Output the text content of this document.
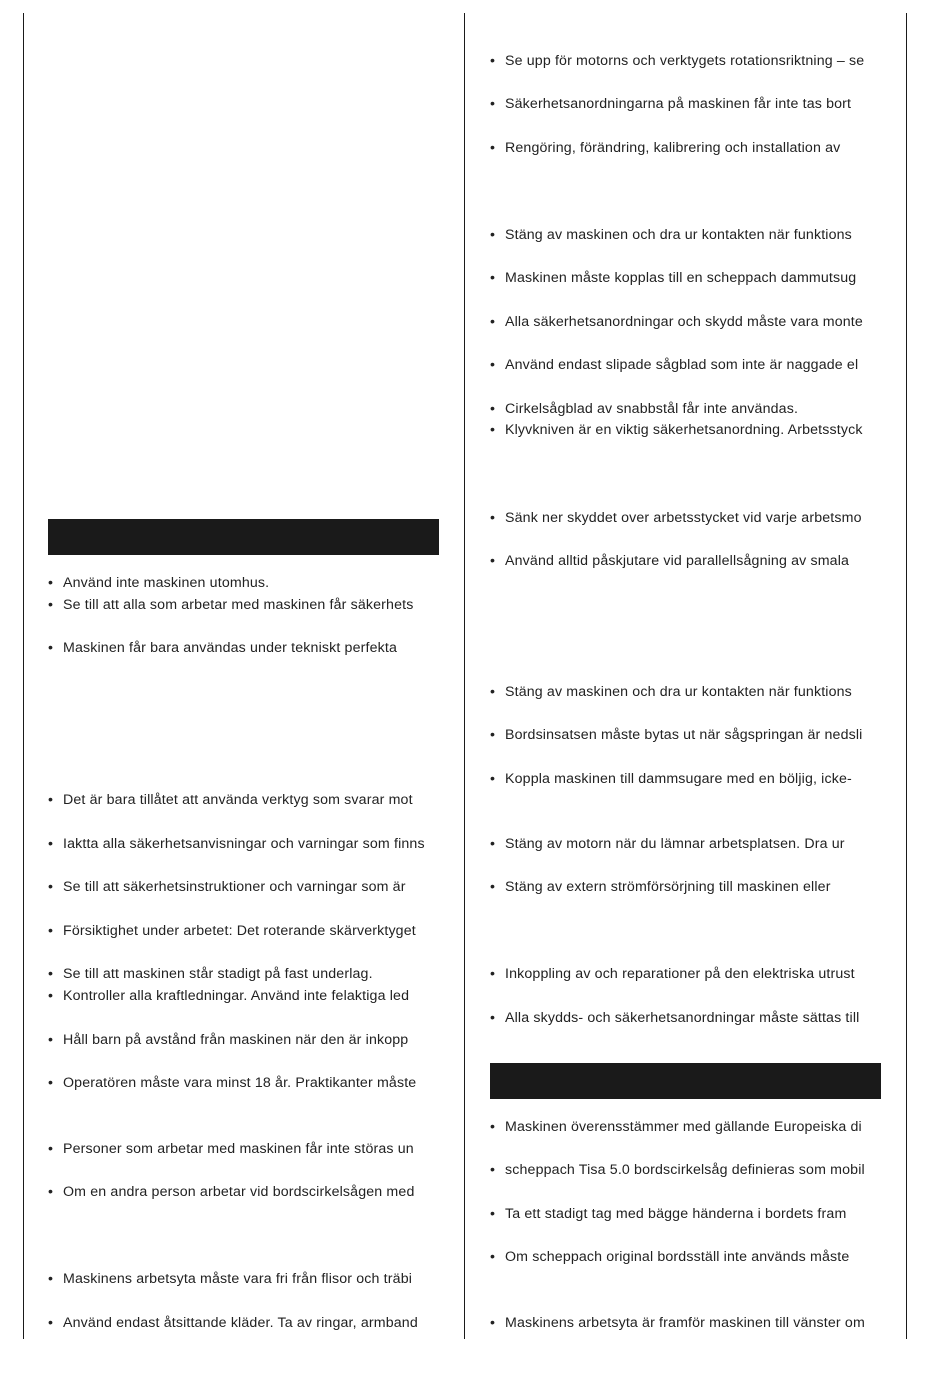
• Använd inte maskinen utomhus.
• Se till att alla som arbetar med maskinen får säkerhets
• Maskinen får bara användas under tekniskt perfekta
• Det är bara tillåtet att använda verktyg som svarar mot
• Iaktta alla säkerhetsanvisningar och varningar som finns
• Se till att säkerhetsinstruktioner och varningar som är
• Försiktighet under arbetet: Det roterande skärverktyget
• Se till att maskinen står stadigt på fast underlag.
• Kontroller alla kraftledningar. Använd inte felaktiga led
• Håll barn på avstånd från maskinen när den är inkopp
• Operatören måste vara minst 18 år. Praktikanter måste
• Personer som arbetar med maskinen får inte störas un
• Om en andra person arbetar vid bordscirkelsågen med
• Maskinens arbetsyta måste vara fri från flisor och träbi
• Använd endast åtsittande kläder. Ta av ringar, armband
• Se upp för motorns och verktygets rotationsriktning – se
• Säkerhetsanordningarna på maskinen får inte tas bort
• Rengöring, förändring, kalibrering och installation av
• Stäng av maskinen och dra ur kontakten när funktions
• Maskinen måste kopplas till en scheppach dammutsug
• Alla säkerhetsanordningar och skydd måste vara monte
• Använd endast slipade sågblad som inte är naggade el
• Cirkelsågblad av snabbstål får inte användas.
• Klyvkniven är en viktig säkerhetsanordning. Arbetsstyck
• Sänk ner skyddet over arbetsstycket vid varje arbetsmo
• Använd alltid påskjutare vid parallellsågning av smala
• Stäng av maskinen och dra ur kontakten när funktions
• Bordsinsatsen måste bytas ut när sågspringan är nedsli
• Koppla maskinen till dammsugare med en böljig, icke-
• Stäng av motorn när du lämnar arbetsplatsen. Dra ur
• Stäng av extern strömförsörjning till maskinen eller
• Inkoppling av och reparationer på den elektriska utrust
• Alla skydds- och säkerhetsanordningar måste sättas till
• Maskinen överensstämmer med gällande Europeiska di
• scheppach Tisa 5.0 bordscirkelsåg definieras som mobil
• Ta ett stadigt tag med bägge händerna i bordets fram
• Om scheppach original bordsställ inte används måste
• Maskinens arbetsyta är framför maskinen till vänster om
